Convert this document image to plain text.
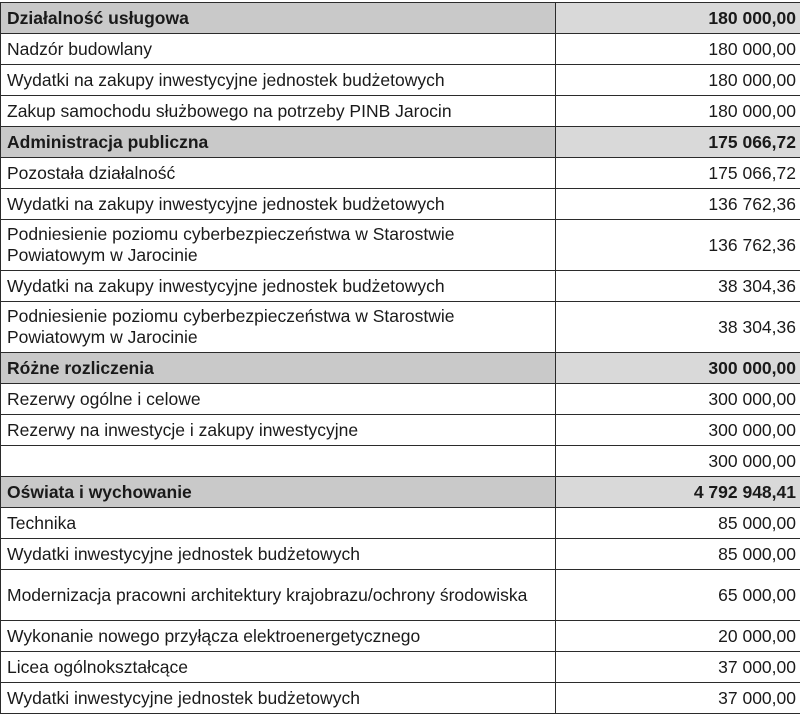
Działalność usługowa	180 000,00
Nadzór budowlany	180 000,00
Wydatki na zakupy inwestycyjne jednostek budżetowych	180 000,00
Zakup samochodu służbowego na potrzeby PINB Jarocin	180 000,00
Administracja publiczna	175 066,72
Pozostała działalność	175 066,72
Wydatki na zakupy inwestycyjne jednostek budżetowych	136 762,36
Podniesienie poziomu cyberbezpieczeństwa w Starostwie Powiatowym w Jarocinie	136 762,36
Wydatki na zakupy inwestycyjne jednostek budżetowych	38 304,36
Podniesienie poziomu cyberbezpieczeństwa w Starostwie Powiatowym w Jarocinie	38 304,36
Różne rozliczenia	300 000,00
Rezerwy ogólne i celowe	300 000,00
Rezerwy na inwestycje i zakupy inwestycyjne	300 000,00
	300 000,00
Oświata i wychowanie	4 792 948,41
Technika	85 000,00
Wydatki inwestycyjne jednostek budżetowych	85 000,00
Modernizacja pracowni architektury krajobrazu/ochrony środowiska	65 000,00
Wykonanie nowego przyłącza elektroenergetycznego	20 000,00
Licea ogólnokształcące	37 000,00
Wydatki inwestycyjne jednostek budżetowych	37 000,00
